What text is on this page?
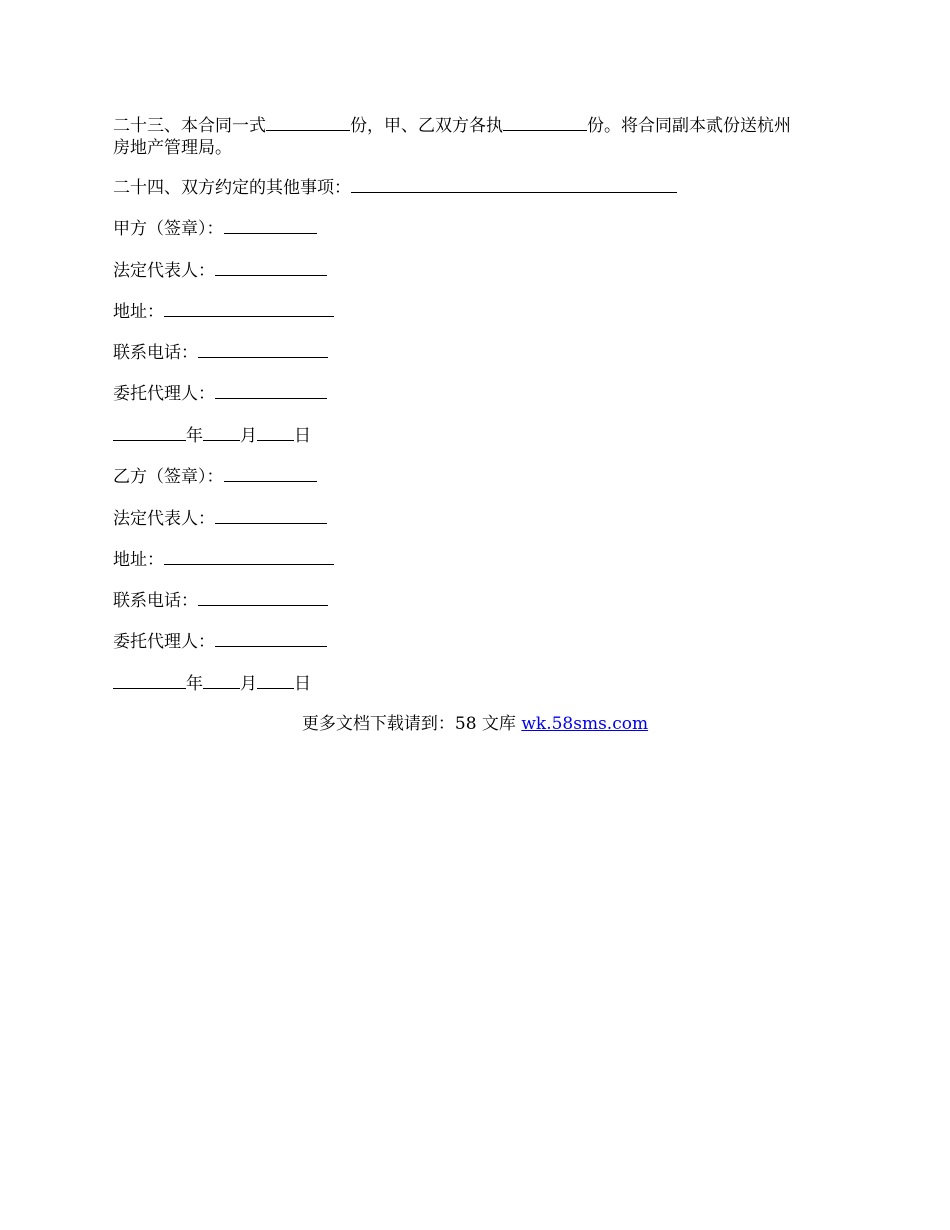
二十三、本合同一式	份，甲、乙双方各执	份。将合同副本贰份送杭州
房地产管理局。
二十四、双方约定的其他事项：
甲方（签章）：
法定代表人：
地址：
联系电话：
委托代理人：
年 月 日
乙方（签章）：
法定代表人：
地址：
联系电话：
委托代理人：
年 月 日
更多文档下载请到：58 文库 wk.58sms.com
